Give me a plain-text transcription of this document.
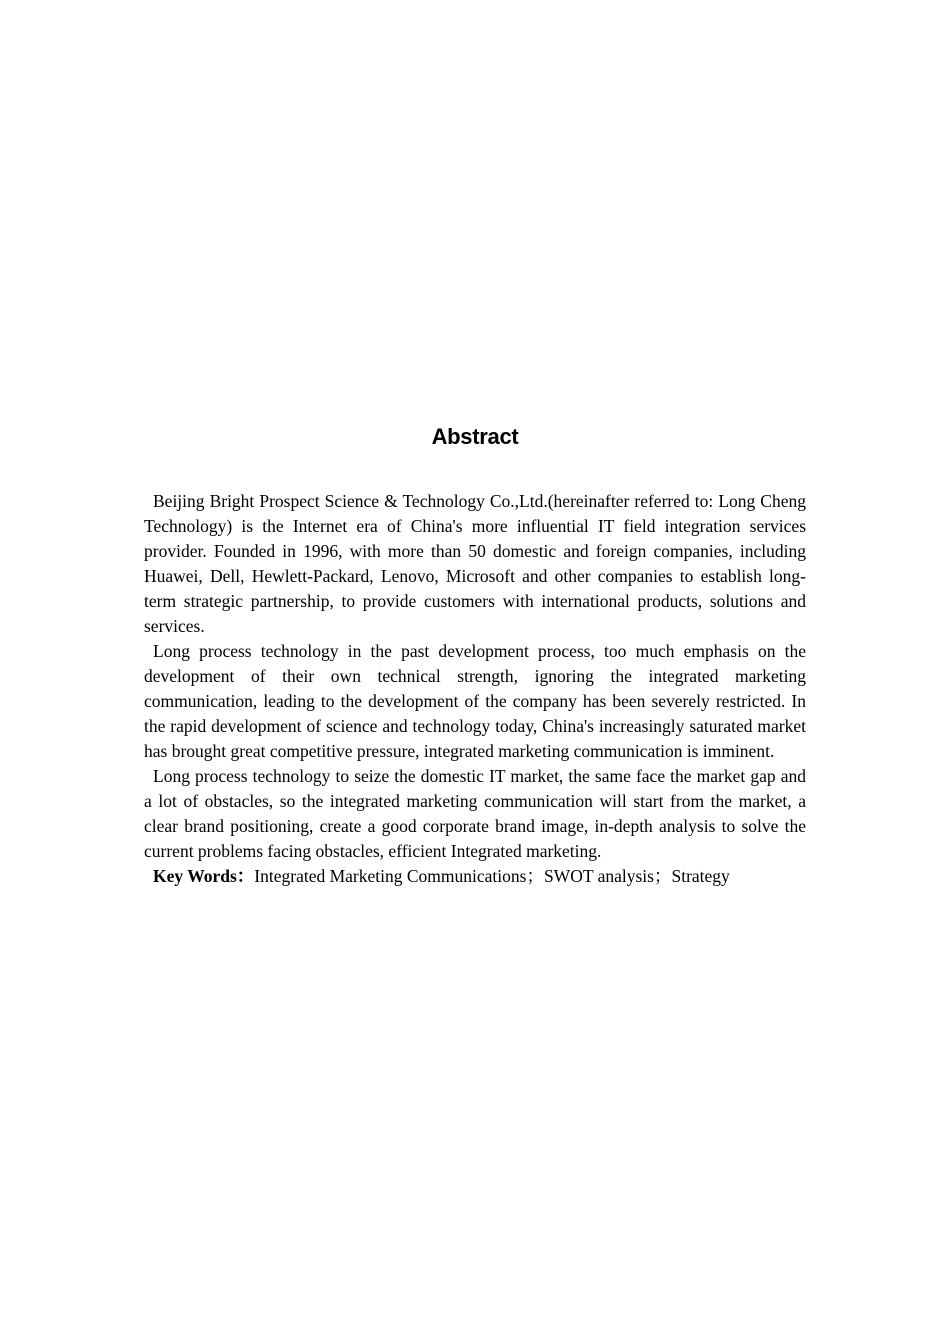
Abstract

Beijing Bright Prospect Science & Technology Co.,Ltd.(hereinafter referred to: Long Cheng Technology) is the Internet era of China's more influential IT field integration services provider. Founded in 1996, with more than 50 domestic and foreign companies, including Huawei, Dell, Hewlett-Packard, Lenovo, Microsoft and other companies to establish long-term strategic partnership, to provide customers with international products, solutions and services.

Long process technology in the past development process, too much emphasis on the development of their own technical strength, ignoring the integrated marketing communication, leading to the development of the company has been severely restricted. In the rapid development of science and technology today, China's increasingly saturated market has brought great competitive pressure, integrated marketing communication is imminent.

Long process technology to seize the domestic IT market, the same face the market gap and a lot of obstacles, so the integrated marketing communication will start from the market, a clear brand positioning, create a good corporate brand image, in-depth analysis to solve the current problems facing obstacles, efficient Integrated marketing.

Key Words：Integrated Marketing Communications；SWOT analysis；Strategy
